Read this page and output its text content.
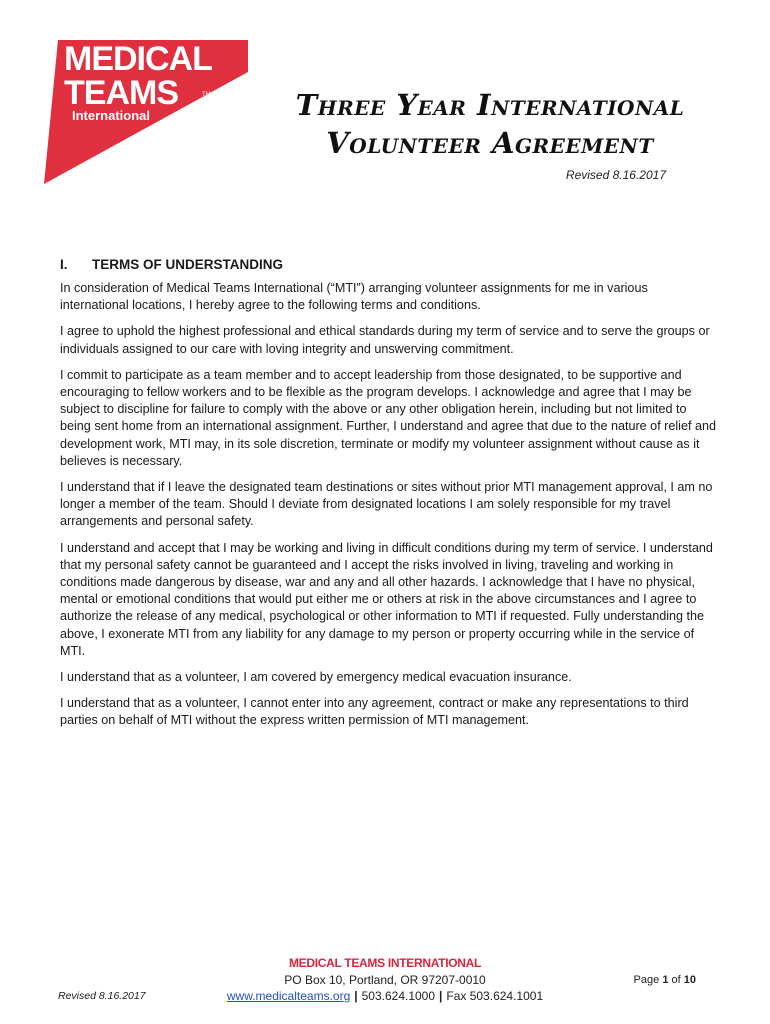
MEDICAL
TEAMS
International
TM	Three Year International
Volunteer Agreement
Revised 8.16.2017
I. TERMS OF UNDERSTANDING

In consideration of Medical Teams International (“MTI”) arranging volunteer assignments for me in various international locations, I hereby agree to the following terms and conditions.

I agree to uphold the highest professional and ethical standards during my term of service and to serve the groups or individuals assigned to our care with loving integrity and unswerving commitment.

I commit to participate as a team member and to accept leadership from those designated, to be supportive and encouraging to fellow workers and to be flexible as the program develops. I acknowledge and agree that I may be subject to discipline for failure to comply with the above or any other obligation herein, including but not limited to being sent home from an international assignment. Further, I understand and agree that due to the nature of relief and development work, MTI may, in its sole discretion, terminate or modify my volunteer assignment without cause as it believes is necessary.

I understand that if I leave the designated team destinations or sites without prior MTI management approval, I am no longer a member of the team. Should I deviate from designated locations I am solely responsible for my travel arrangements and personal safety.

I understand and accept that I may be working and living in difficult conditions during my term of service. I understand that my personal safety cannot be guaranteed and I accept the risks involved in living, traveling and working in conditions made dangerous by disease, war and any and all other hazards. I acknowledge that I have no physical, mental or emotional conditions that would put either me or others at risk in the above circumstances and I agree to authorize the release of any medical, psychological or other information to MTI if requested. Fully understanding the above, I exonerate MTI from any liability for any damage to my person or property occurring while in the service of MTI.

I understand that as a volunteer, I am covered by emergency medical evacuation insurance.

I understand that as a volunteer, I cannot enter into any agreement, contract or make any representations to third parties on behalf of MTI without the express written permission of MTI management.

MEDICAL TEAMS INTERNATIONAL
PO Box 10, Portland, OR 97207-0010
www.medicalteams.org | 503.624.1000 | Fax 503.624.1001
Revised 8.16.2017
Page 1 of 10
